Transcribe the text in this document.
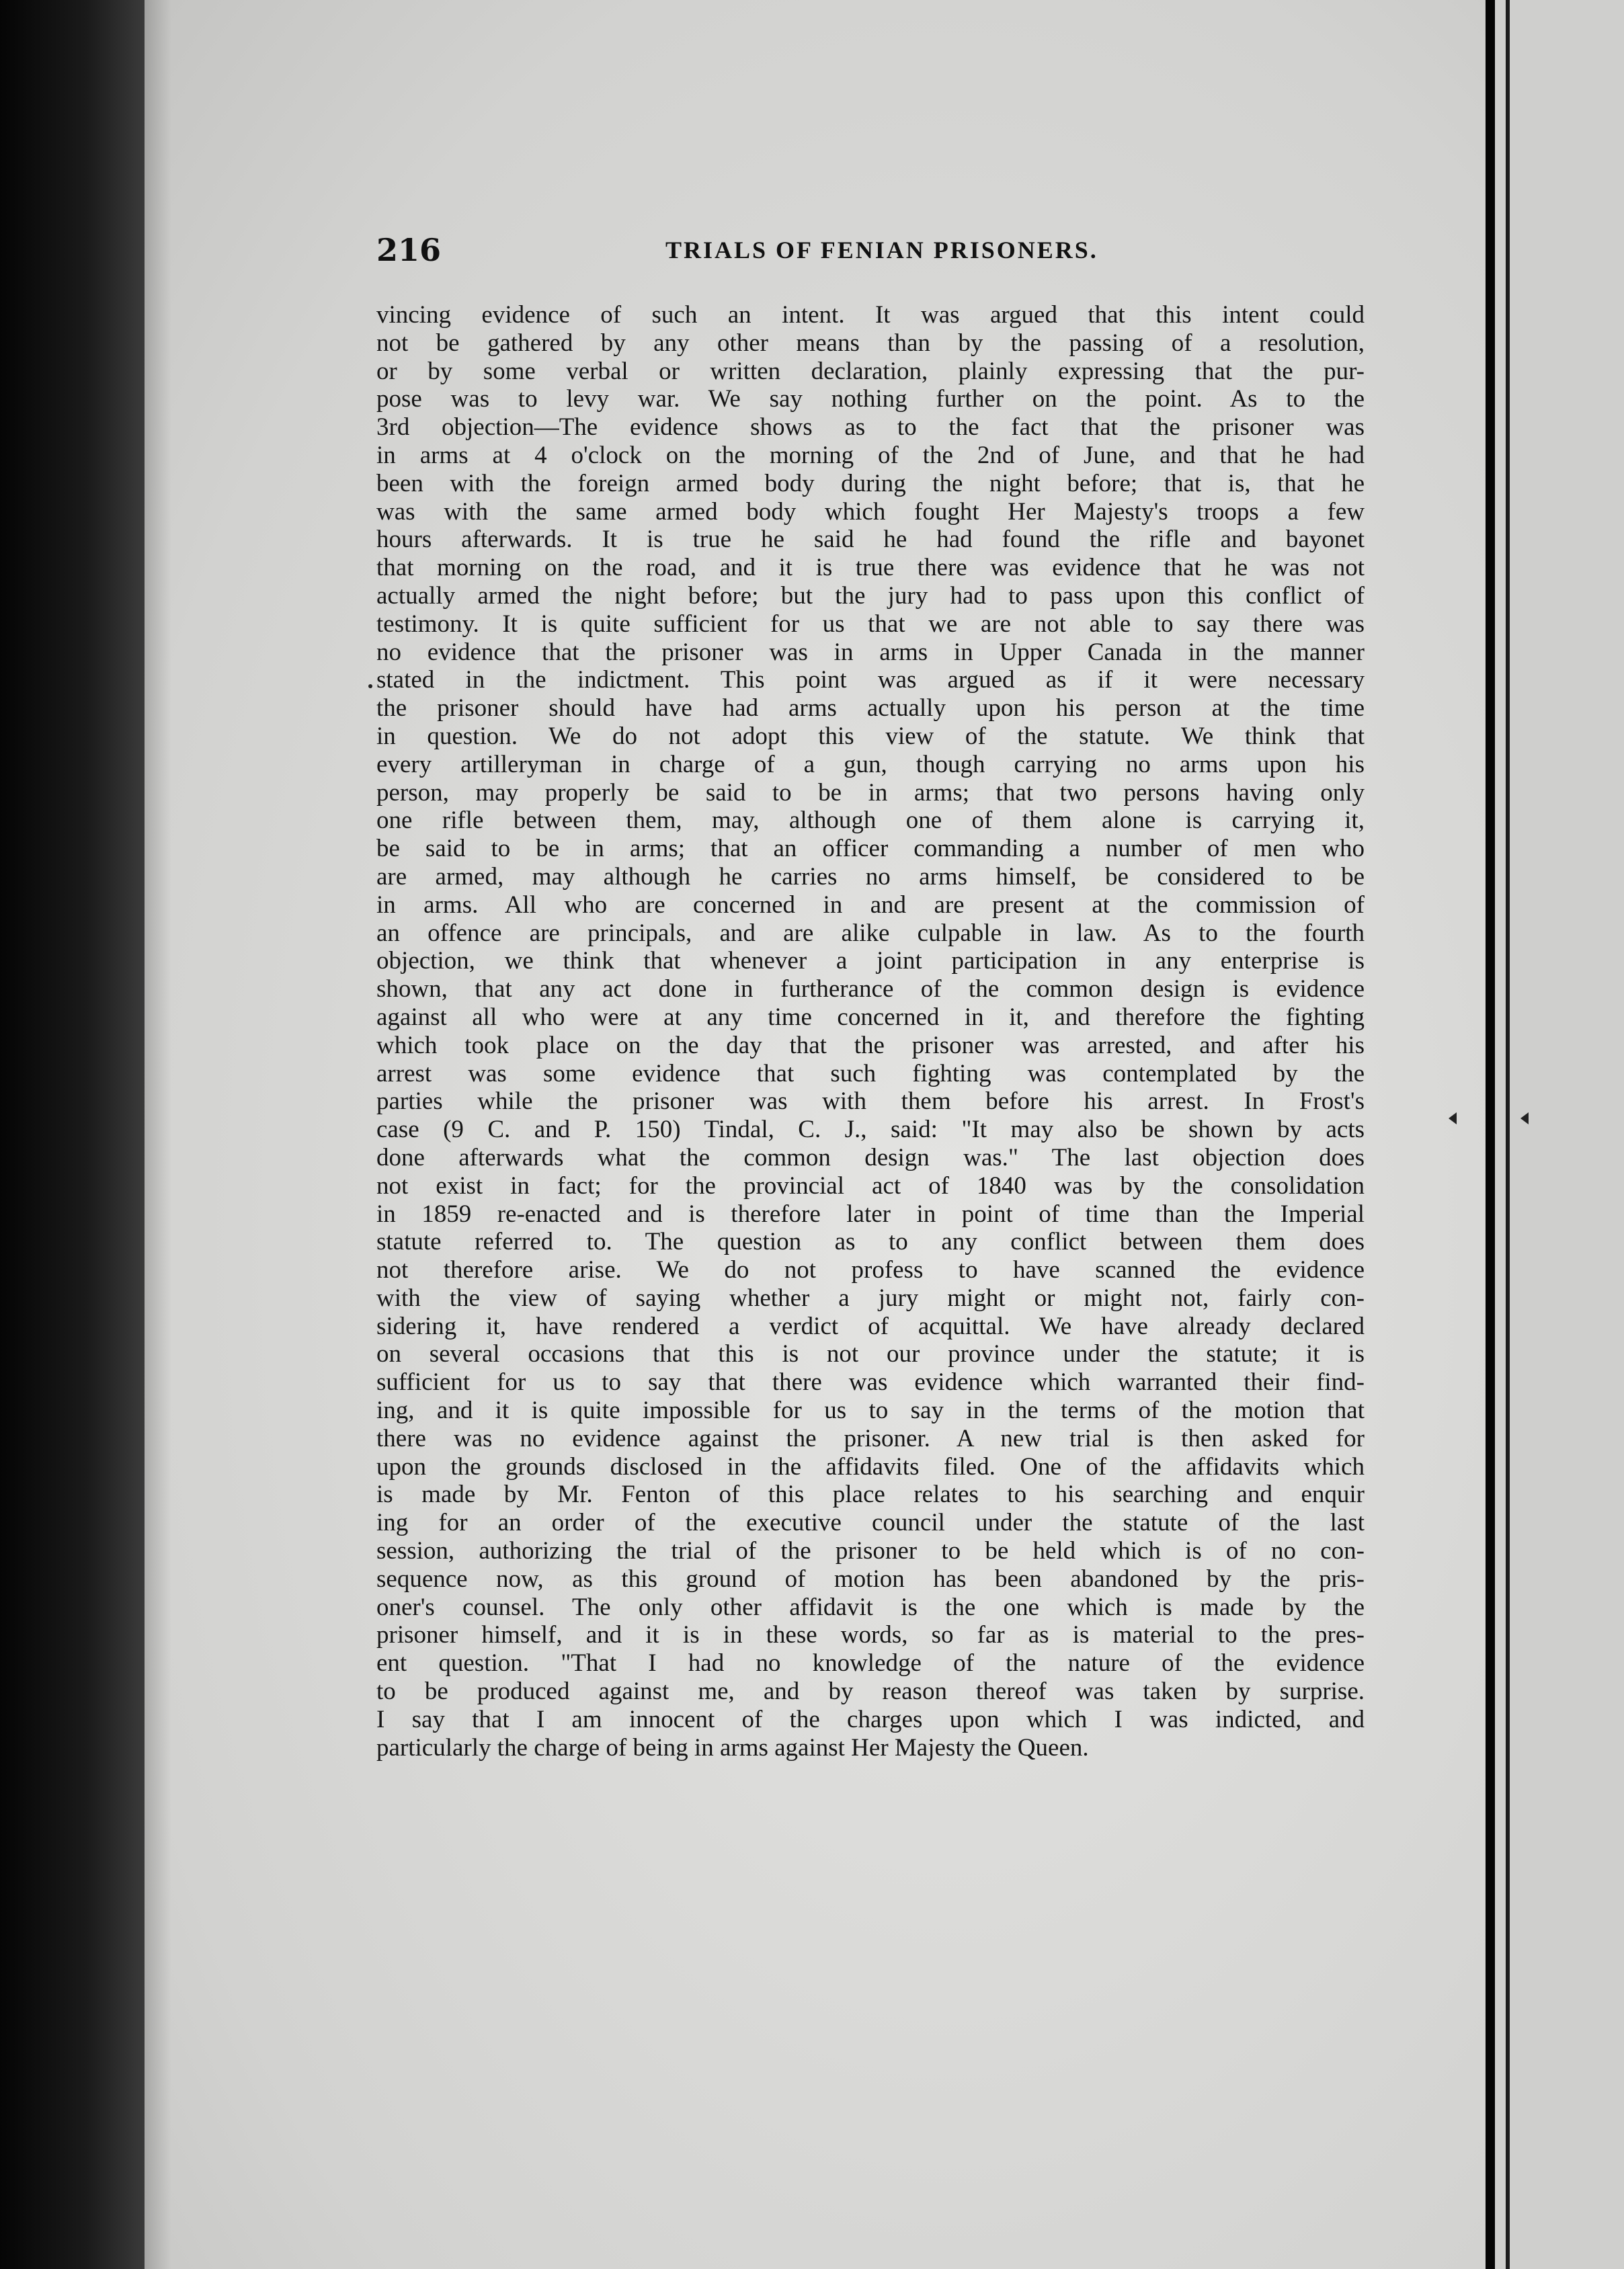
216	TRIALS OF FENIAN PRISONERS.
vincing evidence of such an intent. It was argued that this intent could
not be gathered by any other means than by the passing of a resolution,
or by some verbal or written declaration, plainly expressing that the pur-
pose was to levy war. We say nothing further on the point. As to the
3rd objection—The evidence shows as to the fact that the prisoner was
in arms at 4 o'clock on the morning of the 2nd of June, and that he had
been with the foreign armed body during the night before; that is, that he
was with the same armed body which fought Her Majesty's troops a few
hours afterwards. It is true he said he had found the rifle and bayonet
that morning on the road, and it is true there was evidence that he was not
actually armed the night before; but the jury had to pass upon this conflict of
testimony. It is quite sufficient for us that we are not able to say there was
no evidence that the prisoner was in arms in Upper Canada in the manner
stated in the indictment. This point was argued as if it were necessary
the prisoner should have had arms actually upon his person at the time
in question. We do not adopt this view of the statute. We think that
every artilleryman in charge of a gun, though carrying no arms upon his
person, may properly be said to be in arms; that two persons having only
one rifle between them, may, although one of them alone is carrying it,
be said to be in arms; that an officer commanding a number of men who
are armed, may although he carries no arms himself, be considered to be
in arms. All who are concerned in and are present at the commission of
an offence are principals, and are alike culpable in law. As to the fourth
objection, we think that whenever a joint participation in any enterprise is
shown, that any act done in furtherance of the common design is evidence
against all who were at any time concerned in it, and therefore the fighting
which took place on the day that the prisoner was arrested, and after his
arrest was some evidence that such fighting was contemplated by the
parties while the prisoner was with them before his arrest. In Frost's
case (9 C. and P. 150) Tindal, C. J., said: "It may also be shown by acts
done afterwards what the common design was." The last objection does
not exist in fact; for the provincial act of 1840 was by the consolidation
in 1859 re-enacted and is therefore later in point of time than the Imperial
statute referred to. The question as to any conflict between them does
not therefore arise. We do not profess to have scanned the evidence
with the view of saying whether a jury might or might not, fairly con-
sidering it, have rendered a verdict of acquittal. We have already declared
on several occasions that this is not our province under the statute; it is
sufficient for us to say that there was evidence which warranted their find-
ing, and it is quite impossible for us to say in the terms of the motion that
there was no evidence against the prisoner. A new trial is then asked for
upon the grounds disclosed in the affidavits filed. One of the affidavits which
is made by Mr. Fenton of this place relates to his searching and enquir
ing for an order of the executive council under the statute of the last
session, authorizing the trial of the prisoner to be held which is of no con-
sequence now, as this ground of motion has been abandoned by the pris-
oner's counsel. The only other affidavit is the one which is made by the
prisoner himself, and it is in these words, so far as is material to the pres-
ent question. "That I had no knowledge of the nature of the evidence
to be produced against me, and by reason thereof was taken by surprise.
I say that I am innocent of the charges upon which I was indicted, and
particularly the charge of being in arms against Her Majesty the Queen.
